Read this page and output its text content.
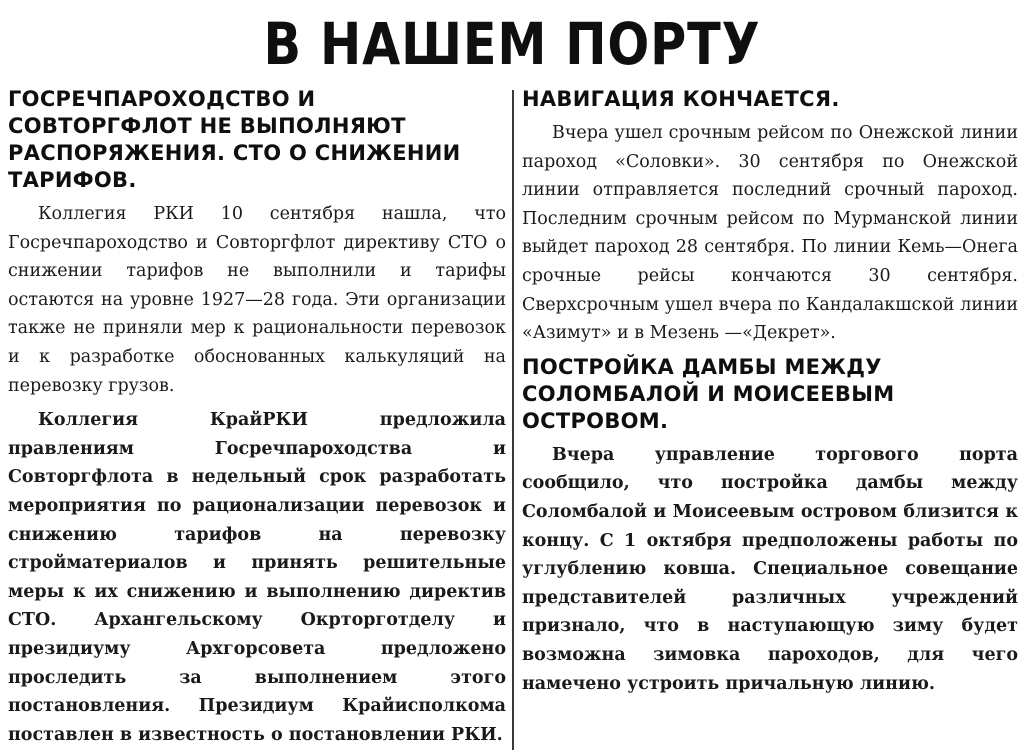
В НАШЕМ ПОРТУ
ГОСРЕЧПАРОХОДСТВО И СОВТОРГФЛОТ НЕ ВЫПОЛНЯЮТ РАСПОРЯЖЕНИЯ. СТО О СНИЖЕНИИ ТАРИФОВ.

Коллегия РКИ 10 сентября нашла, что Госречпароходство и Совторгфлот директиву СТО о снижении тарифов не выполнили и тарифы остаются на уровне 1927—28 года. Эти организации также не приняли мер к рациональности перевозок и к разработке обоснованных калькуляций на перевозку грузов.

Коллегия КрайРКИ предложила правлениям Госречпароходства и Совторгфлота в недельный срок разработать мероприятия по рационализации перевозок и снижению тарифов на перевозку стройматериалов и принять решительные меры к их снижению и выполнению директив СТО. Архангельскому Окрторготделу и президиуму Архгорсовета предложено проследить за выполнением этого постановления. Президиум Крайисполкома поставлен в известность о постановлении РКИ.

НАВИГАЦИЯ КОНЧАЕТСЯ.

Вчера ушел срочным рейсом по Онежской линии пароход «Соловки». 30 сентября по Онежской линии отправляется последний срочный пароход. Последним срочным рейсом по Мурманской линии выйдет пароход 28 сентября. По линии Кемь—Онега срочные рейсы кончаются 30 сентября. Сверхсрочным ушел вчера по Кандалакшской линии «Азимут» и в Мезень —«Декрет».

ПОСТРОЙКА ДАМБЫ МЕЖДУ СОЛОМБАЛОЙ И МОИСЕЕВЫМ ОСТРОВОМ.

Вчера управление торгового порта сообщило, что постройка дамбы между Соломбалой и Моисеевым островом близится к концу. С 1 октября предположены работы по углублению ковша. Специальное совещание представителей различных учреждений признало, что в наступающую зиму будет возможна зимовка пароходов, для чего намечено устроить причальную линию.
